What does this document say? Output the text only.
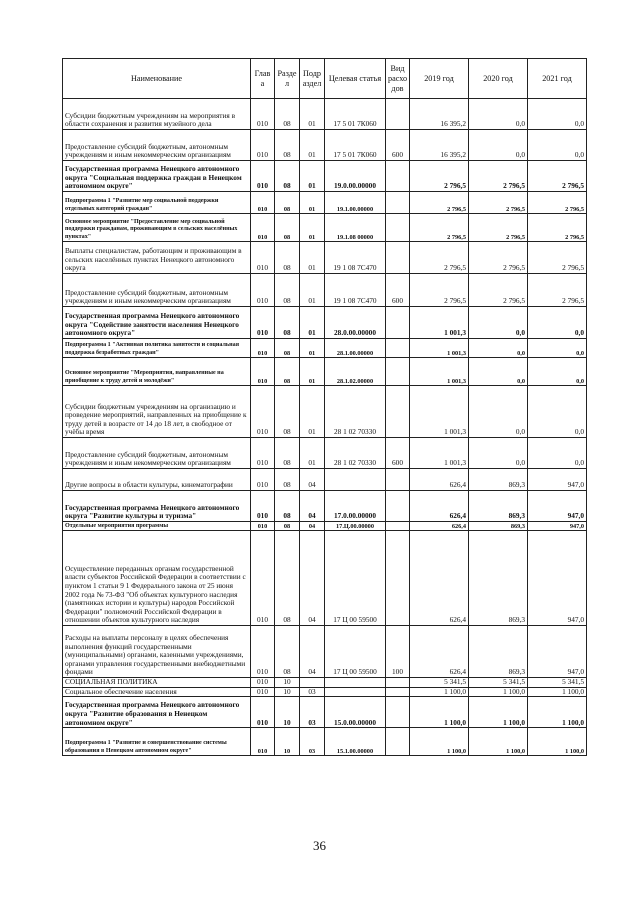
Наименование	Глав а	Разде л	Подр аздел	Целевая статья	Вид расхо дов	2019 год	2020 год	2021 год
Субсидии бюджетным учреждениям на мероприятия в области сохранения и развития музейного дела	010	08	01	17 5 01 7К060		16 395,2	0,0	0,0
Предоставление субсидий бюджетным, автономным учреждениям и иным некоммерческим организациям	010	08	01	17 5 01 7К060	600	16 395,2	0,0	0,0
Государственная программа Ненецкого автономного округа "Социальная поддержка граждан в Ненецком автономном округе"	010	08	01	19.0.00.00000		2 796,5	2 796,5	2 796,5
Подпрограмма 1 "Развитие мер социальной поддержки отдельных категорий граждан"	010	08	01	19.1.00.00000		2 796,5	2 796,5	2 796,5
Основное мероприятие "Предоставление мер социальной поддержки гражданам, проживающим в сельских населённых пунктах"	010	08	01	19.1.08 00000		2 796,5	2 796,5	2 796,5
Выплаты специалистам, работающим и проживающим в сельских населённых пунктах Ненецкого автономного округа	010	08	01	19 1 08 7С470		2 796,5	2 796,5	2 796,5
Предоставление субсидий бюджетным, автономным учреждениям и иным некоммерческим организациям	010	08	01	19 1 08 7С470	600	2 796,5	2 796,5	2 796,5
Государственная программа Ненецкого автономного округа "Содействие занятости населения Ненецкого автономного округа"	010	08	01	28.0.00.00000		1 001,3	0,0	0,0
Подпрограмма 1 "Активная политика занятости и социальная поддержка безработных граждан"	010	08	01	28.1.00.00000		1 001,3	0,0	0,0
Основное мероприятие "Мероприятия, направленные на приобщение к труду детей и молодёжи"	010	08	01	28.1.02.00000		1 001,3	0,0	0,0
Субсидии бюджетным учреждениям на организацию и проведение мероприятий, направленных на приобщение к труду детей в возрасте от 14 до 18 лет, в свободное от учёбы время	010	08	01	28 1 02 70330		1 001,3	0,0	0,0
Предоставление субсидий бюджетным, автономным учреждениям и иным некоммерческим организациям	010	08	01	28 1 02 70330	600	1 001,3	0,0	0,0
Другие вопросы в области культуры, кинематографии	010	08	04			626,4	869,3	947,0
Государственная программа Ненецкого автономного округа "Развитие культуры и туризма"	010	08	04	17.0.00.00000		626,4	869,3	947,0
Отдельные мероприятия программы	010	08	04	17.Ц.00.00000		626,4	869,3	947,0
Осуществление переданных органам государственной власти субъектов Российской Федерации в соответствии с пунктом 1 статьи 9 1 Федерального закона от 25 июня 2002 года № 73-ФЗ "Об объектах культурного наследия (памятниках истории и культуры) народов Российской Федерации" полномочий Российской Федерации в отношении объектов культурного наследия	010	08	04	17 Ц 00 59500		626,4	869,3	947,0
Расходы на выплаты персоналу в целях обеспечения выполнения функций государственными (муниципальными) органами, казенными учреждениями, органами управления государственными внебюджетными фондами	010	08	04	17 Ц 00 59500	100	626,4	869,3	947,0
СОЦИАЛЬНАЯ ПОЛИТИКА	010	10				5 341,5	5 341,5	5 341,5
Социальное обеспечение населения	010	10	03			1 100,0	1 100,0	1 100,0
Государственная программа Ненецкого автономного округа "Развитие образования в Ненецком автономном округе"	010	10	03	15.0.00.00000		1 100,0	1 100,0	1 100,0
Подпрограмма 1 "Развитие и совершенствование системы образования в Ненецком автономном округе"	010	10	03	15.1.00.00000		1 100,0	1 100,0	1 100,0
36
